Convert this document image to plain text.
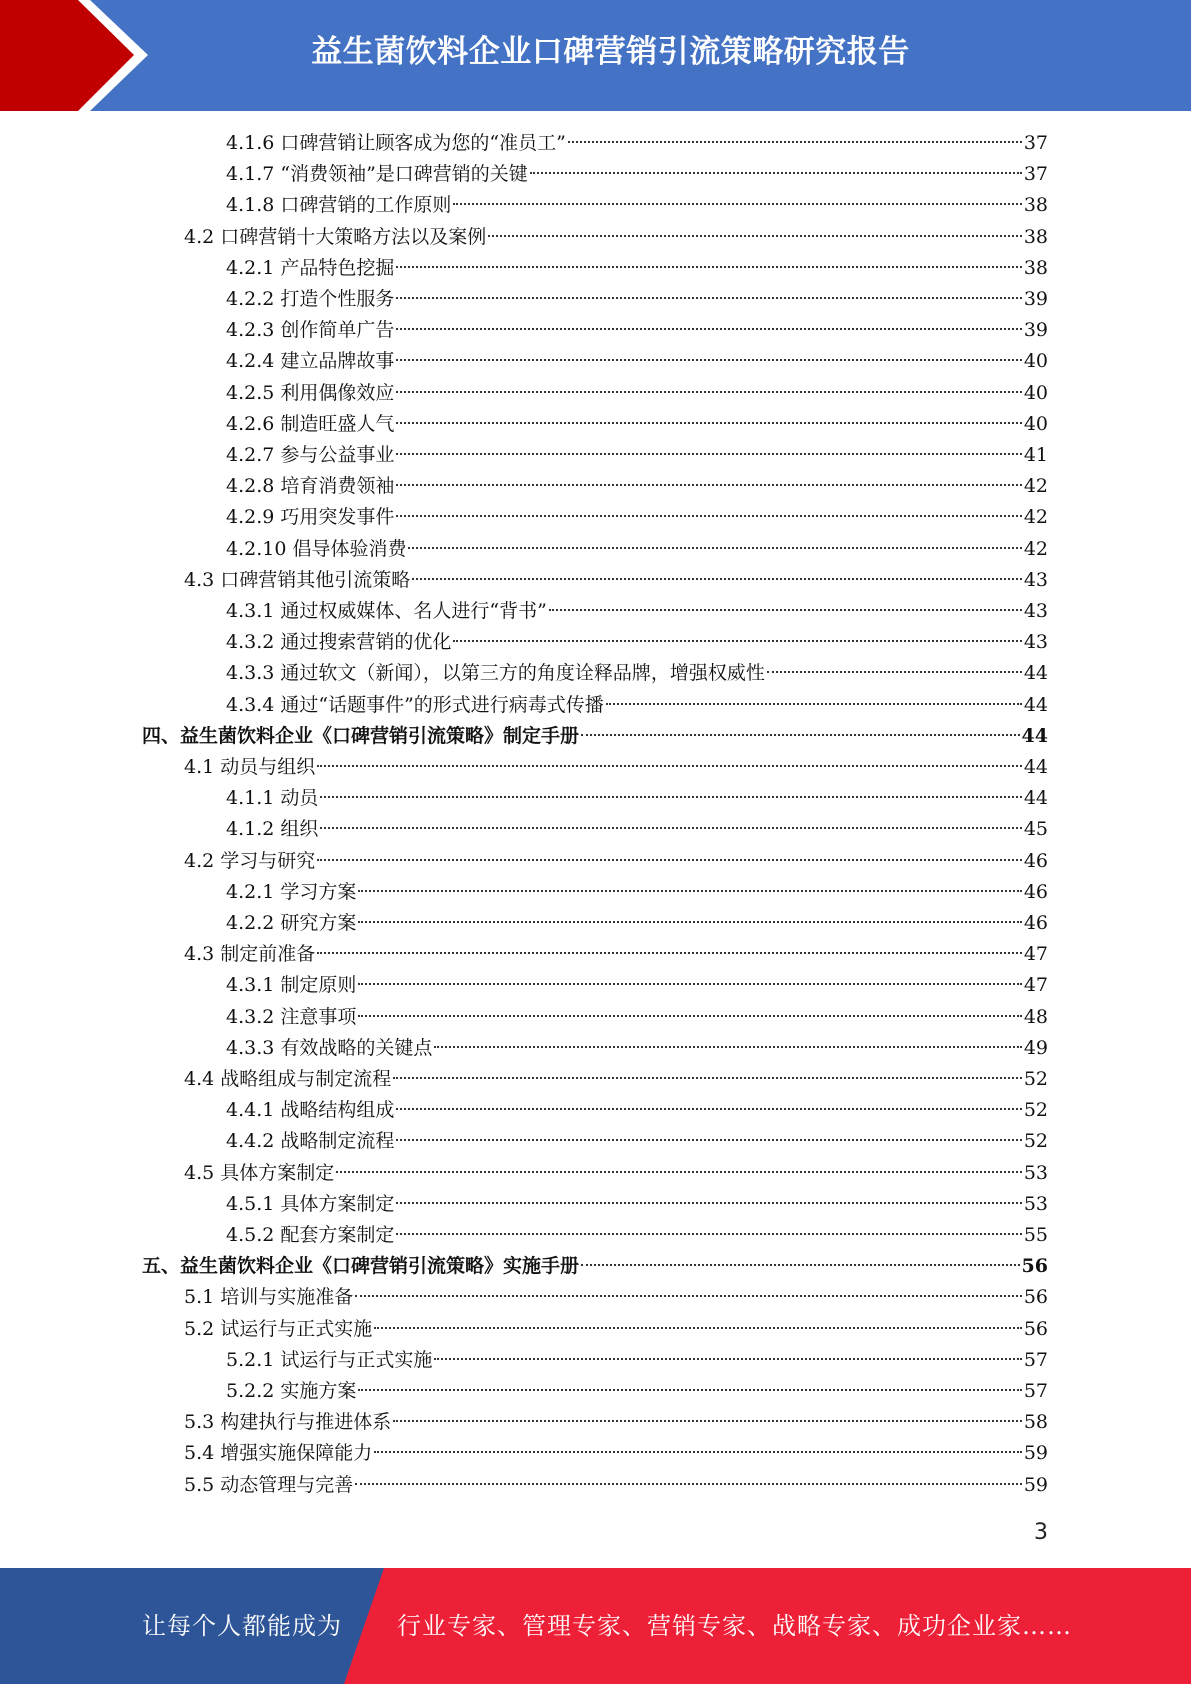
益生菌饮料企业口碑营销引流策略研究报告
4.1.6 口碑营销让顾客成为您的“准员工”	37
4.1.7 “消费领袖”是口碑营销的关键	37
4.1.8 口碑营销的工作原则	38
4.2 口碑营销十大策略方法以及案例	38
4.2.1 产品特色挖掘	38
4.2.2 打造个性服务	39
4.2.3 创作简单广告	39
4.2.4 建立品牌故事	40
4.2.5 利用偶像效应	40
4.2.6 制造旺盛人气	40
4.2.7 参与公益事业	41
4.2.8 培育消费领袖	42
4.2.9 巧用突发事件	42
4.2.10 倡导体验消费	42
4.3 口碑营销其他引流策略	43
4.3.1 通过权威媒体、名人进行“背书”	43
4.3.2 通过搜索营销的优化	43
4.3.3 通过软文（新闻），以第三方的角度诠释品牌，增强权威性	44
4.3.4 通过“话题事件”的形式进行病毒式传播	44
四、益生菌饮料企业《口碑营销引流策略》制定手册	44
4.1 动员与组织	44
4.1.1 动员	44
4.1.2 组织	45
4.2 学习与研究	46
4.2.1 学习方案	46
4.2.2 研究方案	46
4.3 制定前准备	47
4.3.1 制定原则	47
4.3.2 注意事项	48
4.3.3 有效战略的关键点	49
4.4 战略组成与制定流程	52
4.4.1 战略结构组成	52
4.4.2 战略制定流程	52
4.5 具体方案制定	53
4.5.1 具体方案制定	53
4.5.2 配套方案制定	55
五、益生菌饮料企业《口碑营销引流策略》实施手册	56
5.1 培训与实施准备	56
5.2 试运行与正式实施	56
5.2.1 试运行与正式实施	57
5.2.2 实施方案	57
5.3 构建执行与推进体系	58
5.4 增强实施保障能力	59
5.5 动态管理与完善	59
3
让每个人都能成为 行业专家、管理专家、营销专家、战略专家、成功企业家……
